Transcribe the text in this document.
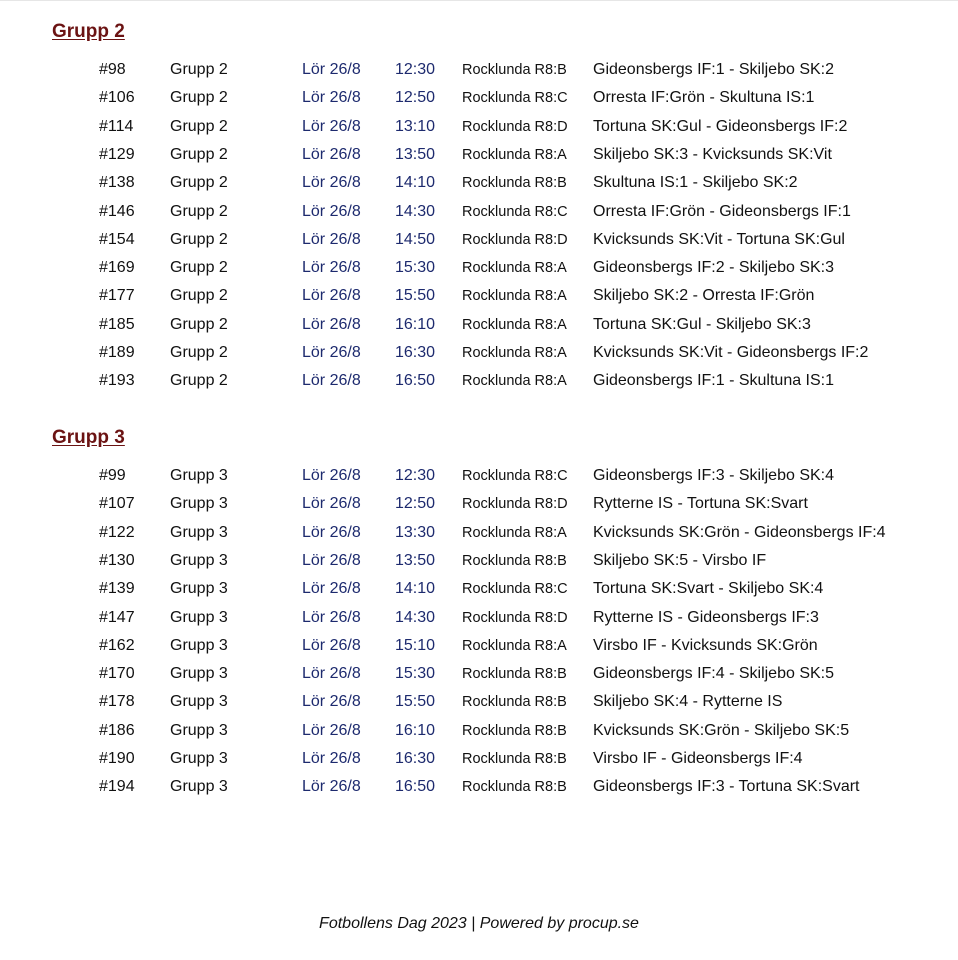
Grupp 2
#98	Grupp 2	Lör 26/8 12:30 Rocklunda R8:B Gideonsbergs IF:1 - Skiljebo SK:2
#106 Grupp 2	Lör 26/8 12:50 Rocklunda R8:C Orresta IF:Grön - Skultuna IS:1
#114 Grupp 2	Lör 26/8 13:10 Rocklunda R8:D Tortuna SK:Gul - Gideonsbergs IF:2
#129 Grupp 2	Lör 26/8 13:50 Rocklunda R8:A Skiljebo SK:3 - Kvicksunds SK:Vit
#138 Grupp 2	Lör 26/8 14:10 Rocklunda R8:B Skultuna IS:1 - Skiljebo SK:2
#146 Grupp 2	Lör 26/8 14:30 Rocklunda R8:C Orresta IF:Grön - Gideonsbergs IF:1
#154 Grupp 2	Lör 26/8 14:50 Rocklunda R8:D Kvicksunds SK:Vit - Tortuna SK:Gul
#169 Grupp 2	Lör 26/8 15:30 Rocklunda R8:A Gideonsbergs IF:2 - Skiljebo SK:3
#177 Grupp 2	Lör 26/8 15:50 Rocklunda R8:A Skiljebo SK:2 - Orresta IF:Grön
#185 Grupp 2	Lör 26/8 16:10 Rocklunda R8:A Tortuna SK:Gul - Skiljebo SK:3
#189 Grupp 2	Lör 26/8 16:30 Rocklunda R8:A Kvicksunds SK:Vit - Gideonsbergs IF:2
#193 Grupp 2	Lör 26/8 16:50 Rocklunda R8:A Gideonsbergs IF:1 - Skultuna IS:1
Grupp 3
#99	Grupp 3	Lör 26/8 12:30 Rocklunda R8:C Gideonsbergs IF:3 - Skiljebo SK:4
#107 Grupp 3	Lör 26/8 12:50 Rocklunda R8:D Rytterne IS - Tortuna SK:Svart
#122 Grupp 3	Lör 26/8 13:30 Rocklunda R8:A Kvicksunds SK:Grön - Gideonsbergs IF:4
#130 Grupp 3	Lör 26/8 13:50 Rocklunda R8:B Skiljebo SK:5 - Virsbo IF
#139 Grupp 3	Lör 26/8 14:10 Rocklunda R8:C Tortuna SK:Svart - Skiljebo SK:4
#147 Grupp 3	Lör 26/8 14:30 Rocklunda R8:D Rytterne IS - Gideonsbergs IF:3
#162 Grupp 3	Lör 26/8 15:10 Rocklunda R8:A Virsbo IF - Kvicksunds SK:Grön
#170 Grupp 3	Lör 26/8 15:30 Rocklunda R8:B Gideonsbergs IF:4 - Skiljebo SK:5
#178 Grupp 3	Lör 26/8 15:50 Rocklunda R8:B Skiljebo SK:4 - Rytterne IS
#186 Grupp 3	Lör 26/8 16:10 Rocklunda R8:B Kvicksunds SK:Grön - Skiljebo SK:5
#190 Grupp 3	Lör 26/8 16:30 Rocklunda R8:B Virsbo IF - Gideonsbergs IF:4
#194 Grupp 3	Lör 26/8 16:50 Rocklunda R8:B Gideonsbergs IF:3 - Tortuna SK:Svart
Fotbollens Dag 2023 | Powered by procup.se
